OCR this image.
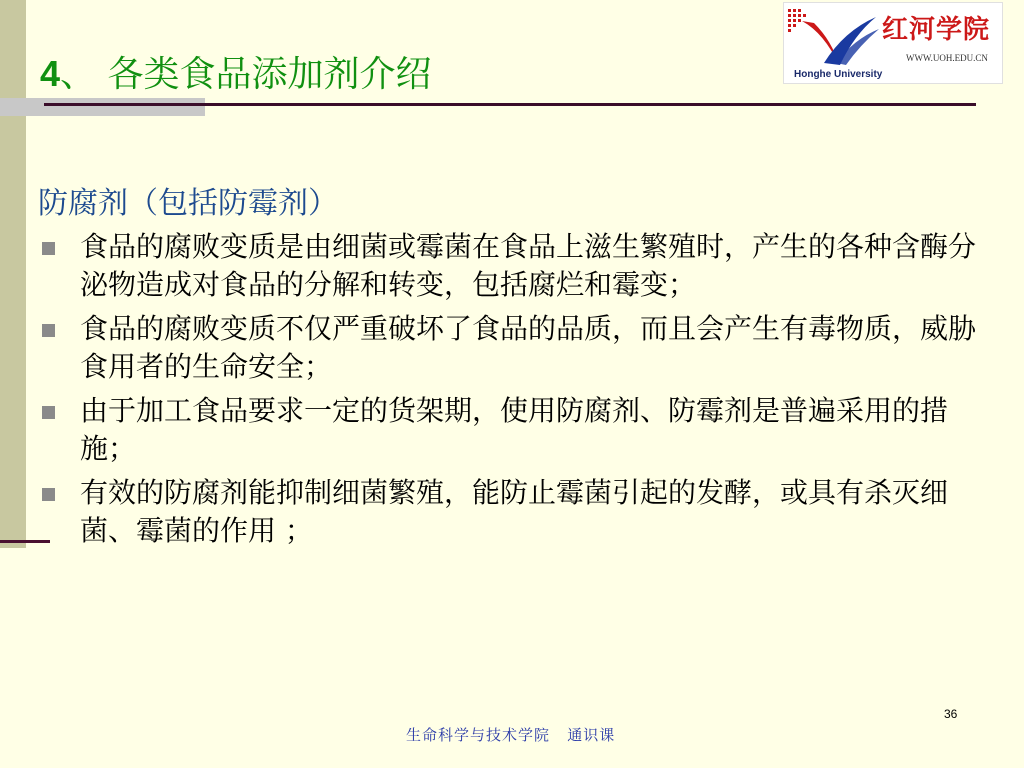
4、 各类食品添加剂介绍
红河学院
WWW.UOH.EDU.CN
Honghe University
防腐剂（包括防霉剂）
食品的腐败变质是由细菌或霉菌在食品上滋生繁殖时，产生的各种含酶分泌物造成对食品的分解和转变，包括腐烂和霉变；
食品的腐败变质不仅严重破坏了食品的品质，而且会产生有毒物质，威胁食用者的生命安全；
由于加工食品要求一定的货架期，使用防腐剂、防霉剂是普遍采用的措施；
有效的防腐剂能抑制细菌繁殖，能防止霉菌引起的发酵，或具有杀灭细菌、霉菌的作用 ；
36
生命科学与技术学院   通识课
